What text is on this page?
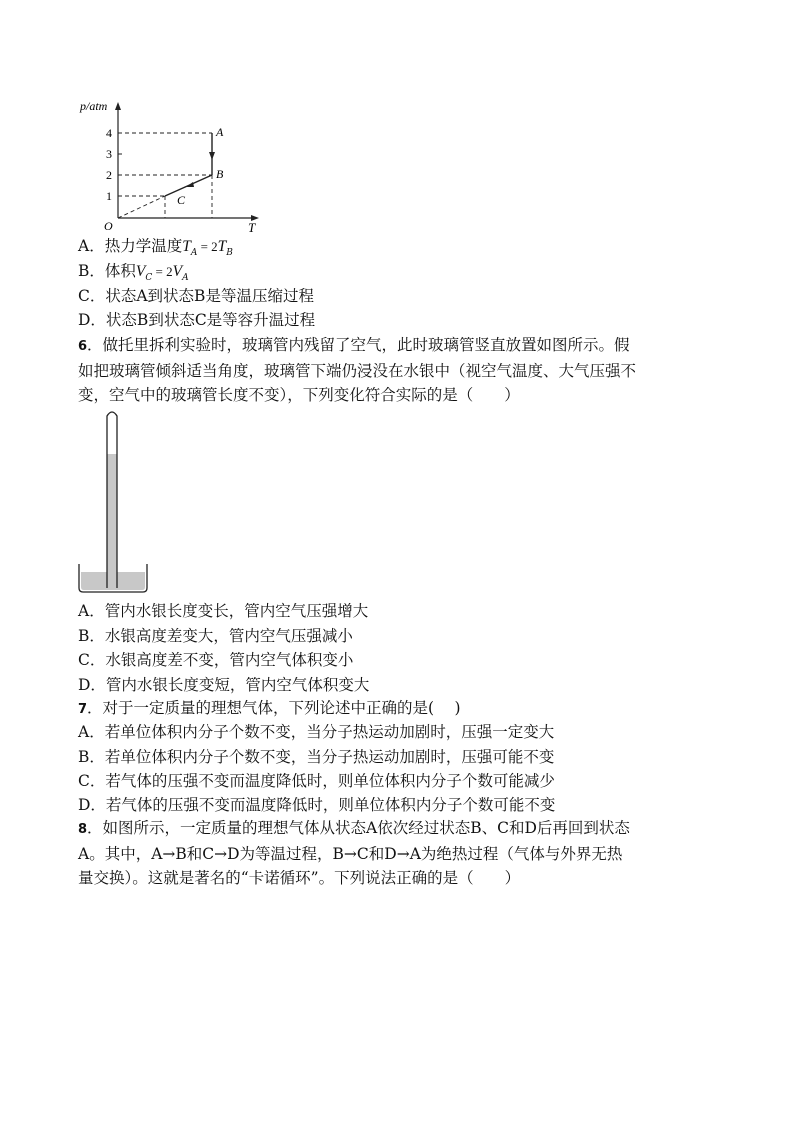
p/atm
1
2
3
4
O	T
A
B
C
A．热力学温度$T_A = 2T_B$
B．体积$V_C = 2V_A$
C．状态A到状态B是等温压缩过程
D．状态B到状态C是等容升温过程
6．做托里拆利实验时，玻璃管内残留了空气，此时玻璃管竖直放置如图所示。假
如把玻璃管倾斜适当角度，玻璃管下端仍浸没在水银中（视空气温度、大气压强不
变，空气中的玻璃管长度不变），下列变化符合实际的是（　　）
A．管内水银长度变长，管内空气压强增大
B．水银高度差变大，管内空气压强减小
C．水银高度差不变，管内空气体积变小
D．管内水银长度变短，管内空气体积变大
7．对于一定质量的理想气体，下列论述中正确的是(　 )
A．若单位体积内分子个数不变，当分子热运动加剧时，压强一定变大
B．若单位体积内分子个数不变，当分子热运动加剧时，压强可能不变
C．若气体的压强不变而温度降低时，则单位体积内分子个数可能减少
D．若气体的压强不变而温度降低时，则单位体积内分子个数可能不变
8．如图所示，一定质量的理想气体从状态A依次经过状态B、C和D后再回到状态
A。其中，A→B和C→D为等温过程，B→C和D→A为绝热过程（气体与外界无热
量交换）。这就是著名的“卡诺循环”。下列说法正确的是（　　）
